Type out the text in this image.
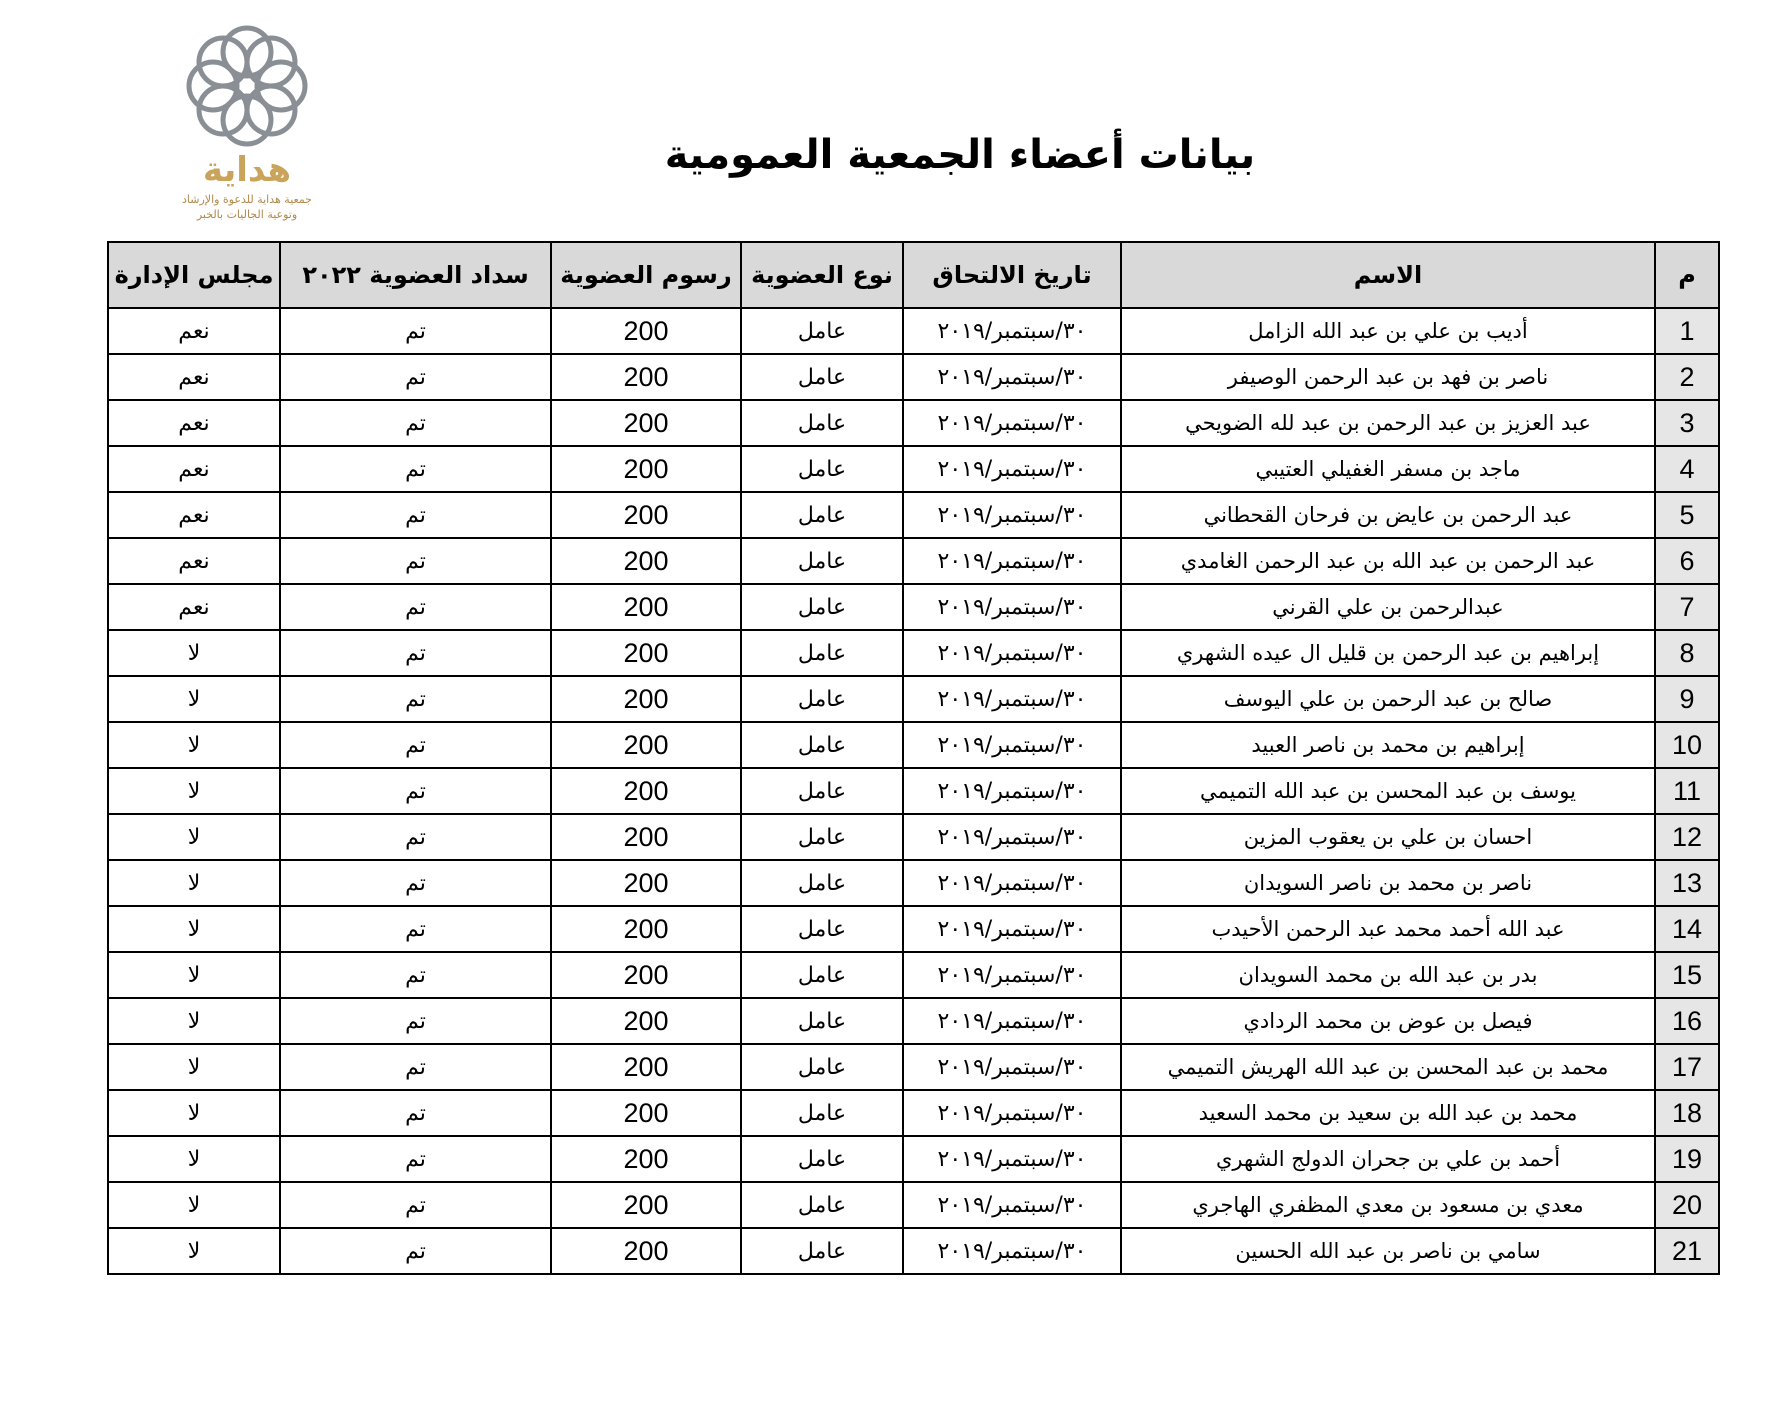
هداية
جمعية هداية للدعوة والإرشاد
وتوعية الجاليات بالخبر
بيانات أعضاء الجمعية العمومية
م	الاسم	تاريخ الالتحاق	نوع العضوية	رسوم العضوية	سداد العضوية ٢٠٢٢	مجلس الإدارة
1	أديب بن علي بن عبد الله الزامل	٣٠/سبتمبر/٢٠١٩	عامل	200	تم	نعم
2	ناصر بن فهد بن عبد الرحمن الوصيفر	٣٠/سبتمبر/٢٠١٩	عامل	200	تم	نعم
3	عبد العزيز بن عبد الرحمن بن عبد لله الضويحي	٣٠/سبتمبر/٢٠١٩	عامل	200	تم	نعم
4	ماجد بن مسفر الغفيلي العتيبي	٣٠/سبتمبر/٢٠١٩	عامل	200	تم	نعم
5	عبد الرحمن بن عايض بن فرحان القحطاني	٣٠/سبتمبر/٢٠١٩	عامل	200	تم	نعم
6	عبد الرحمن بن عبد الله بن عبد الرحمن الغامدي	٣٠/سبتمبر/٢٠١٩	عامل	200	تم	نعم
7	عبدالرحمن بن علي القرني	٣٠/سبتمبر/٢٠١٩	عامل	200	تم	نعم
8	إبراهيم بن عبد الرحمن بن قليل ال عيده الشهري	٣٠/سبتمبر/٢٠١٩	عامل	200	تم	لا
9	صالح بن عبد الرحمن بن علي اليوسف	٣٠/سبتمبر/٢٠١٩	عامل	200	تم	لا
10	إبراهيم بن محمد بن ناصر العبيد	٣٠/سبتمبر/٢٠١٩	عامل	200	تم	لا
11	يوسف بن عبد المحسن بن عبد الله التميمي	٣٠/سبتمبر/٢٠١٩	عامل	200	تم	لا
12	احسان بن علي بن يعقوب المزين	٣٠/سبتمبر/٢٠١٩	عامل	200	تم	لا
13	ناصر بن محمد بن ناصر السويدان	٣٠/سبتمبر/٢٠١٩	عامل	200	تم	لا
14	عبد الله أحمد محمد عبد الرحمن الأحيدب	٣٠/سبتمبر/٢٠١٩	عامل	200	تم	لا
15	بدر بن عبد الله بن محمد السويدان	٣٠/سبتمبر/٢٠١٩	عامل	200	تم	لا
16	فيصل بن عوض بن محمد الردادي	٣٠/سبتمبر/٢٠١٩	عامل	200	تم	لا
17	محمد بن عبد المحسن بن عبد الله الهريش التميمي	٣٠/سبتمبر/٢٠١٩	عامل	200	تم	لا
18	محمد بن عبد الله بن سعيد بن محمد السعيد	٣٠/سبتمبر/٢٠١٩	عامل	200	تم	لا
19	أحمد بن علي بن جحران الدولج الشهري	٣٠/سبتمبر/٢٠١٩	عامل	200	تم	لا
20	معدي بن مسعود بن معدي المظفري الهاجري	٣٠/سبتمبر/٢٠١٩	عامل	200	تم	لا
21	سامي بن ناصر بن عبد الله الحسين	٣٠/سبتمبر/٢٠١٩	عامل	200	تم	لا
